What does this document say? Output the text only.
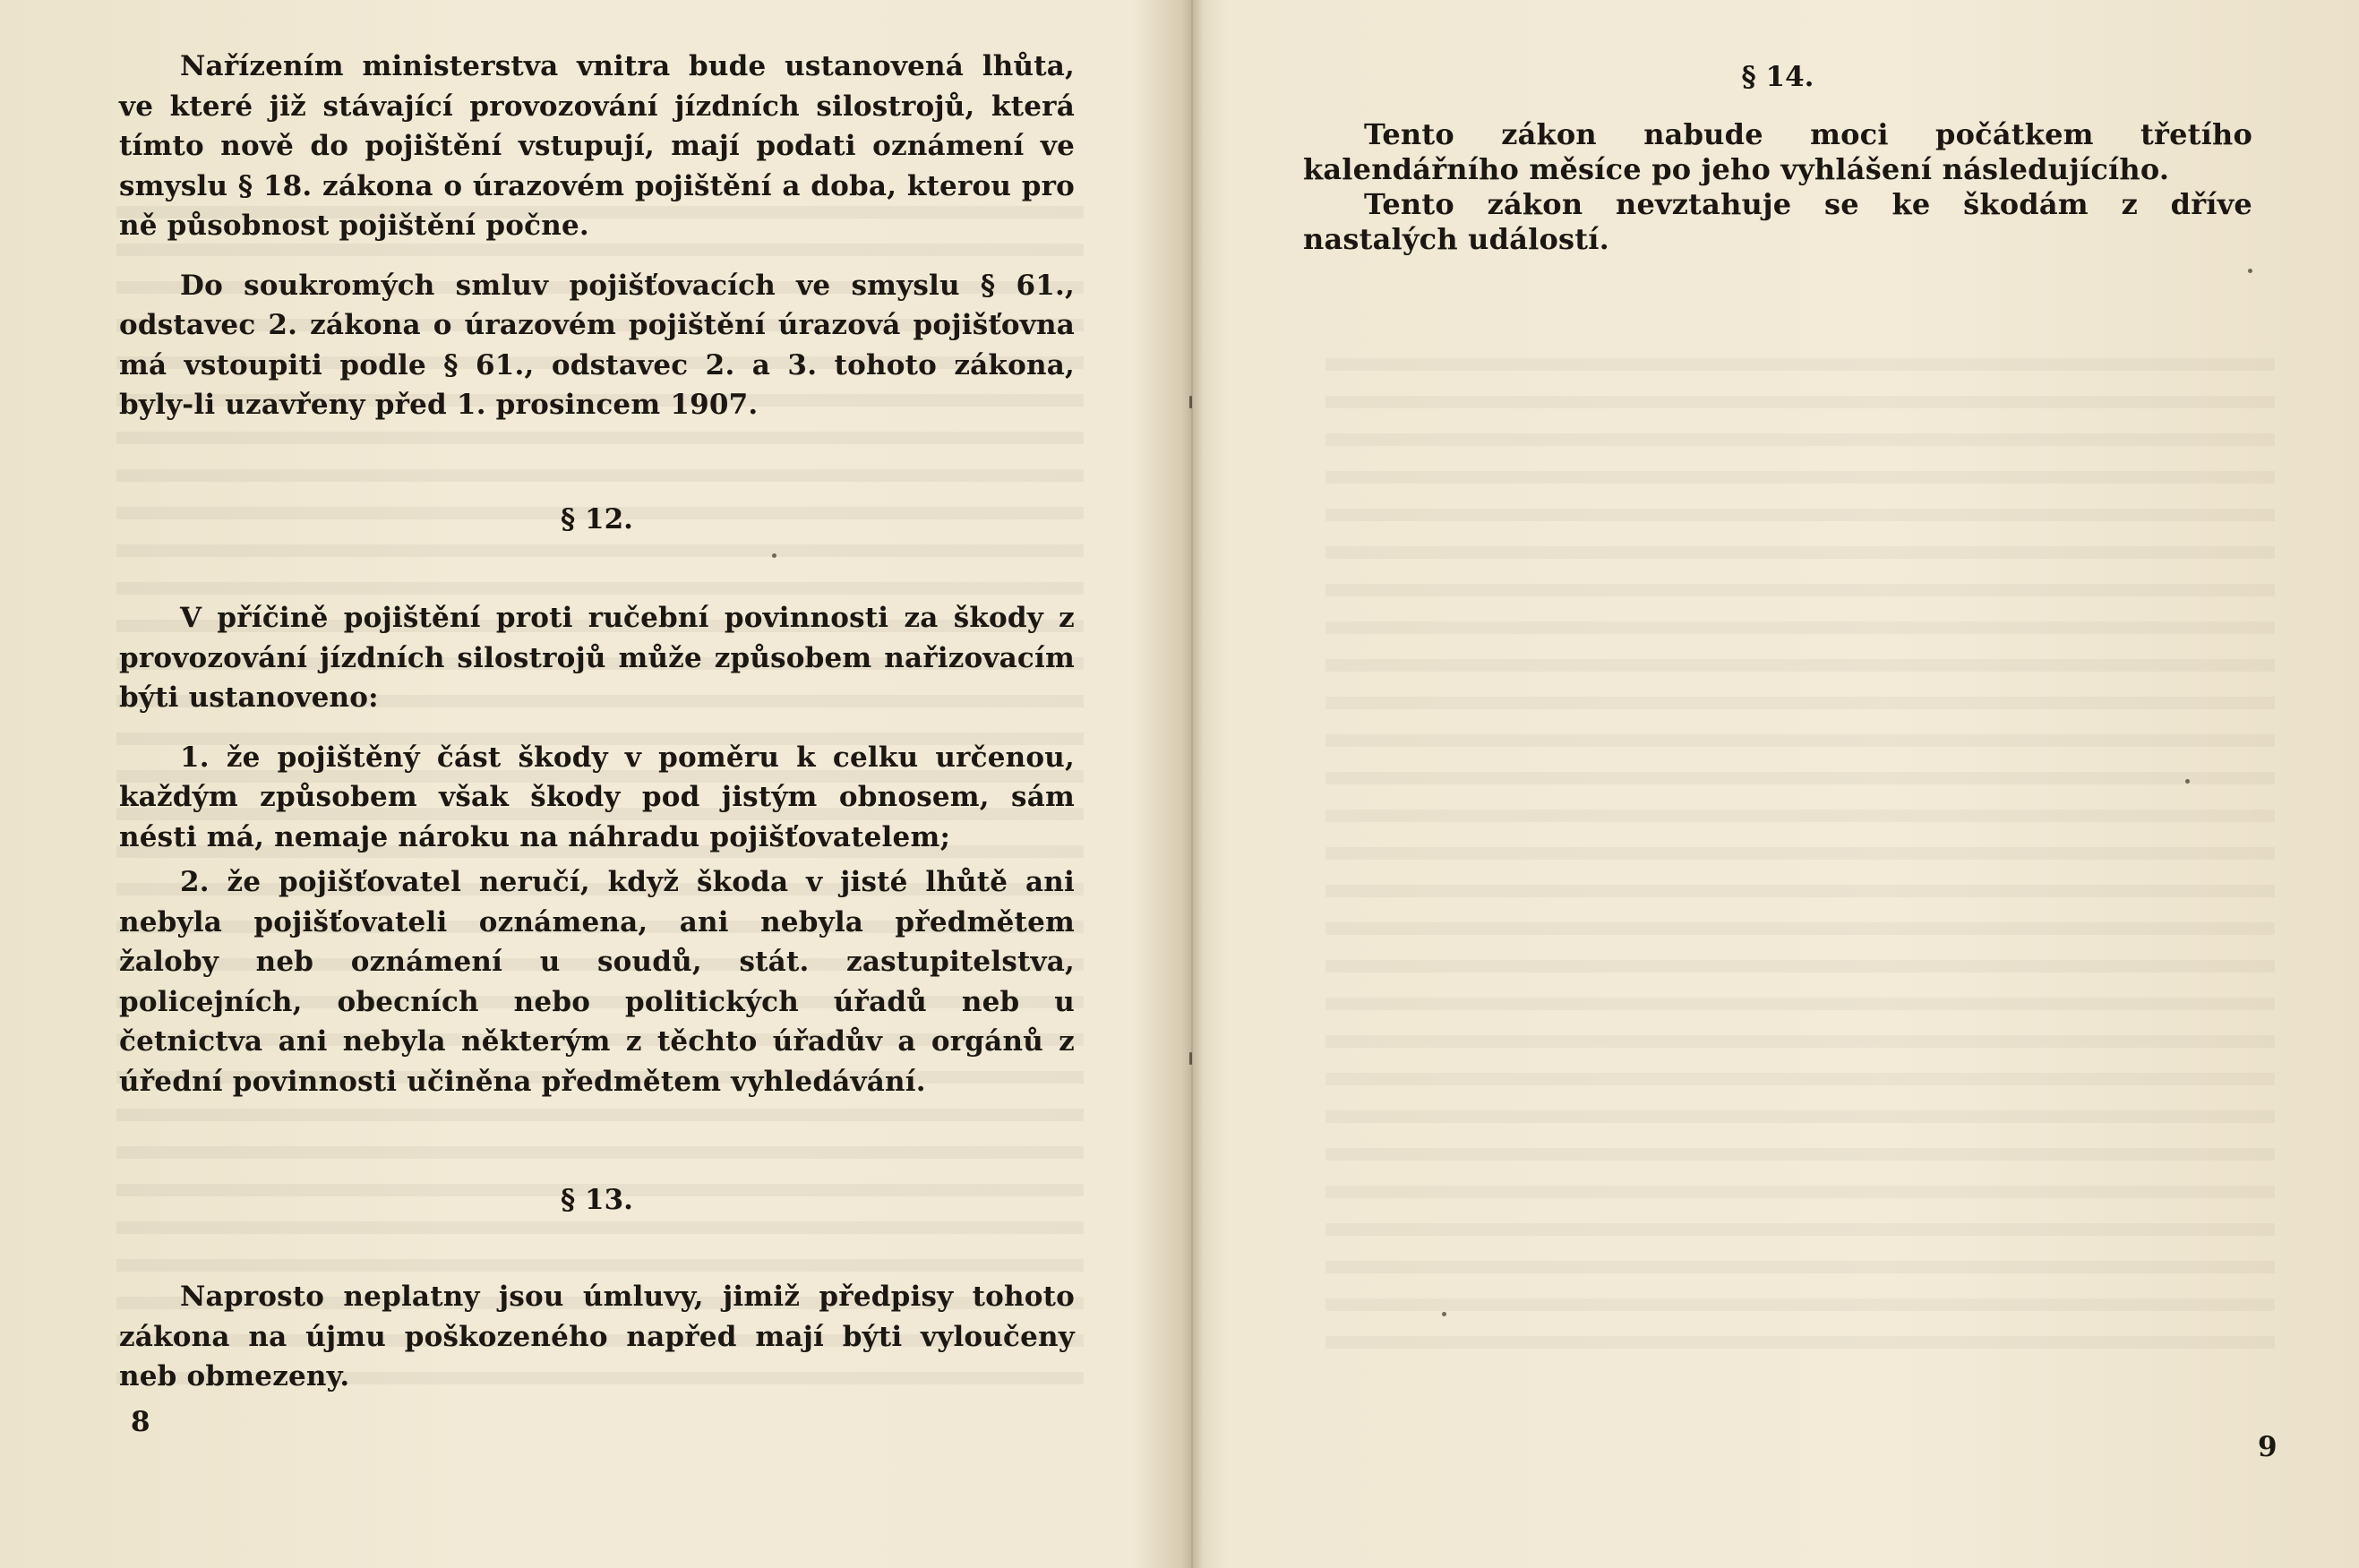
Nařízením ministerstva vnitra bude ustanovená lhůta, ve které již stávající provozování jízdních silostrojů, která tímto nově do pojištění vstupují, mají podati oznámení ve smyslu § 18. zákona o úrazovém pojištění a doba, kterou pro ně působnost pojištění počne.

Do soukromých smluv pojišťovacích ve smyslu § 61., odstavec 2. zákona o úrazovém pojištění úrazová pojišťovna má vstoupiti podle § 61., odstavec 2. a 3. tohoto zákona, byly-li uzavřeny před 1. prosincem 1907.

§ 12.

V příčině pojištění proti ručební povinnosti za škody z provozování jízdních silostrojů může způsobem nařizovacím býti ustanoveno:

1. že pojištěný část škody v poměru k celku určenou, každým způsobem však škody pod jistým obnosem, sám nésti má, nemaje nároku na náhradu pojišťovatelem;

2. že pojišťovatel neručí, když škoda v jisté lhůtě ani nebyla pojišťovateli oznámena, ani nebyla předmětem žaloby neb oznámení u soudů, stát. zastupitelstva, policejních, obecních nebo politických úřadů neb u četnictva ani nebyla některým z těchto úřadův a orgánů z úřední povinnosti učiněna předmětem vyhledávání.

§ 13.

Naprosto neplatny jsou úmluvy, jimiž předpisy tohoto zákona na újmu poškozeného napřed mají býti vyloučeny neb obmezeny.

8
§ 14.

Tento zákon nabude moci počátkem třetího kalendářního měsíce po jeho vyhlášení následujícího.

Tento zákon nevztahuje se ke škodám z dříve nastalých událostí.

9
